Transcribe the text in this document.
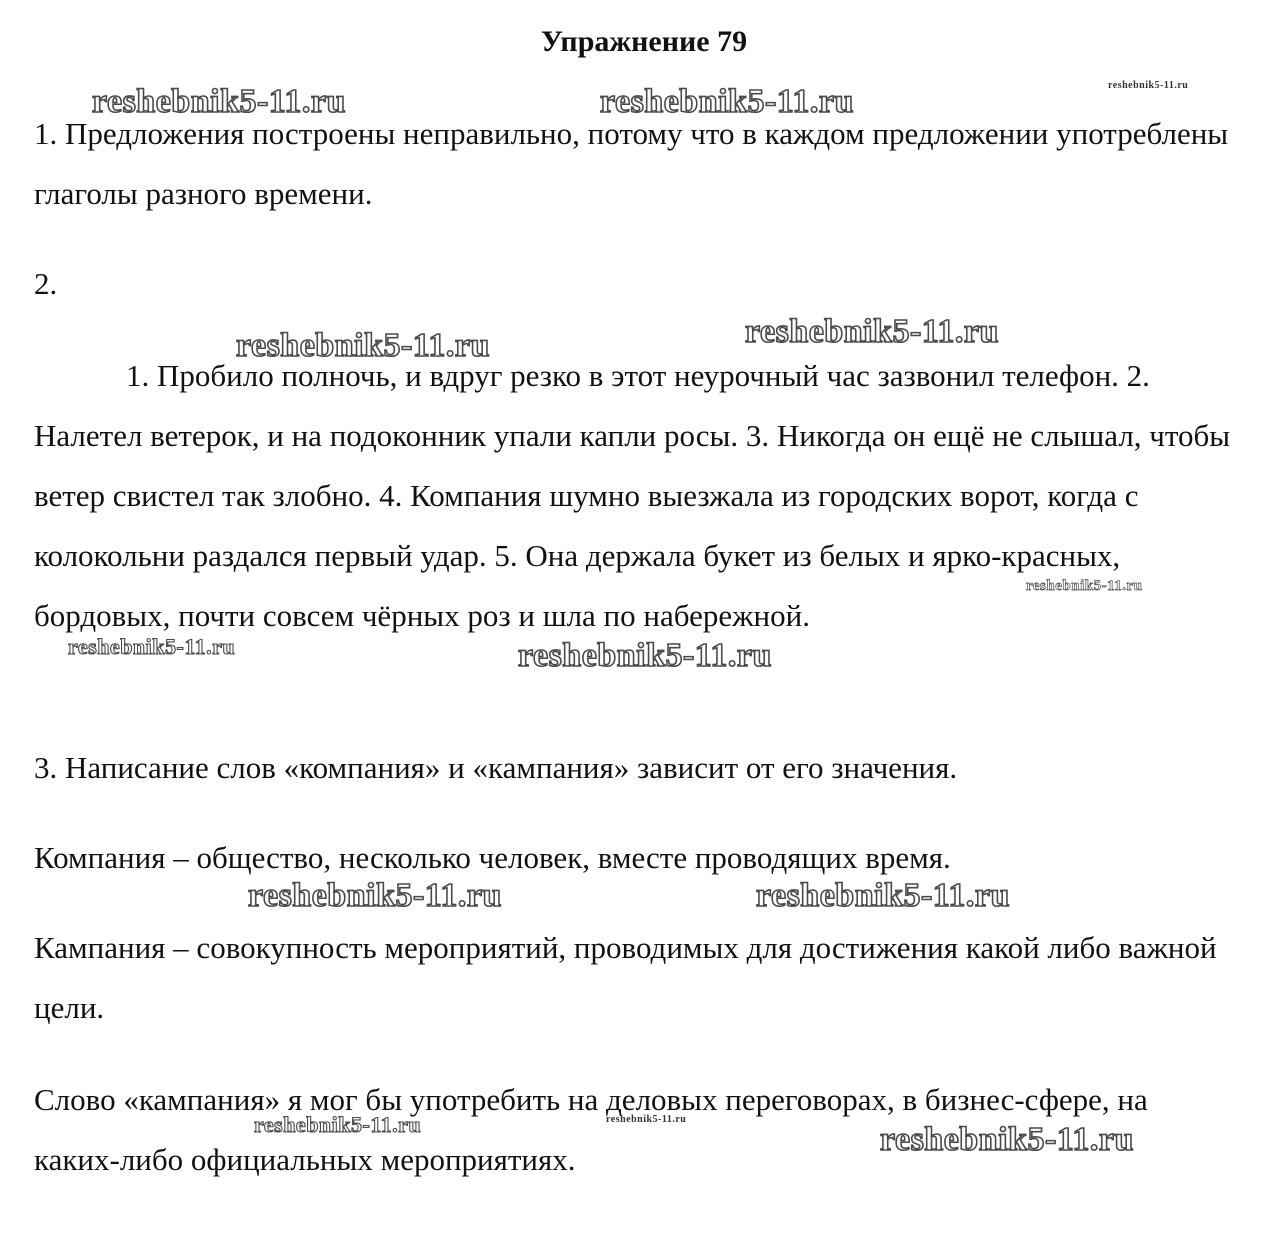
Упражнение 79
reshebnik5-11.ru	reshebnik5-11.ru	reshebnik5-11.ru
reshebnik5-11.ru	reshebnik5-11.ru
reshebnik5-11.ru
reshebnik5-11.ru	reshebnik5-11.ru
reshebnik5-11.ru	reshebnik5-11.ru
reshebnik5-11.ru	reshebnik5-11.ru
reshebnik5-11.ru

1. Предложения построены неправильно, потому что в каждом предложении употреблены глаголы разного времени.

2.

1. Пробило полночь, и вдруг резко в этот неурочный час зазвонил телефон. 2. Налетел ветерок, и на подоконник упали капли росы. 3. Никогда он ещё не слышал, чтобы ветер свистел так злобно. 4. Компания шумно выезжала из городских ворот, когда с колокольни раздался первый удар. 5. Она держала букет из белых и ярко-красных, бордовых, почти совсем чёрных роз и шла по набережной.

3. Написание слов «компания» и «кампания» зависит от его значения.

Компания – общество, несколько человек, вместе проводящих время.

Кампания – совокупность мероприятий, проводимых для достижения какой либо важной цели.

Слово «кампания» я мог бы употребить на деловых переговорах, в бизнес-сфере, на каких-либо официальных мероприятиях.
